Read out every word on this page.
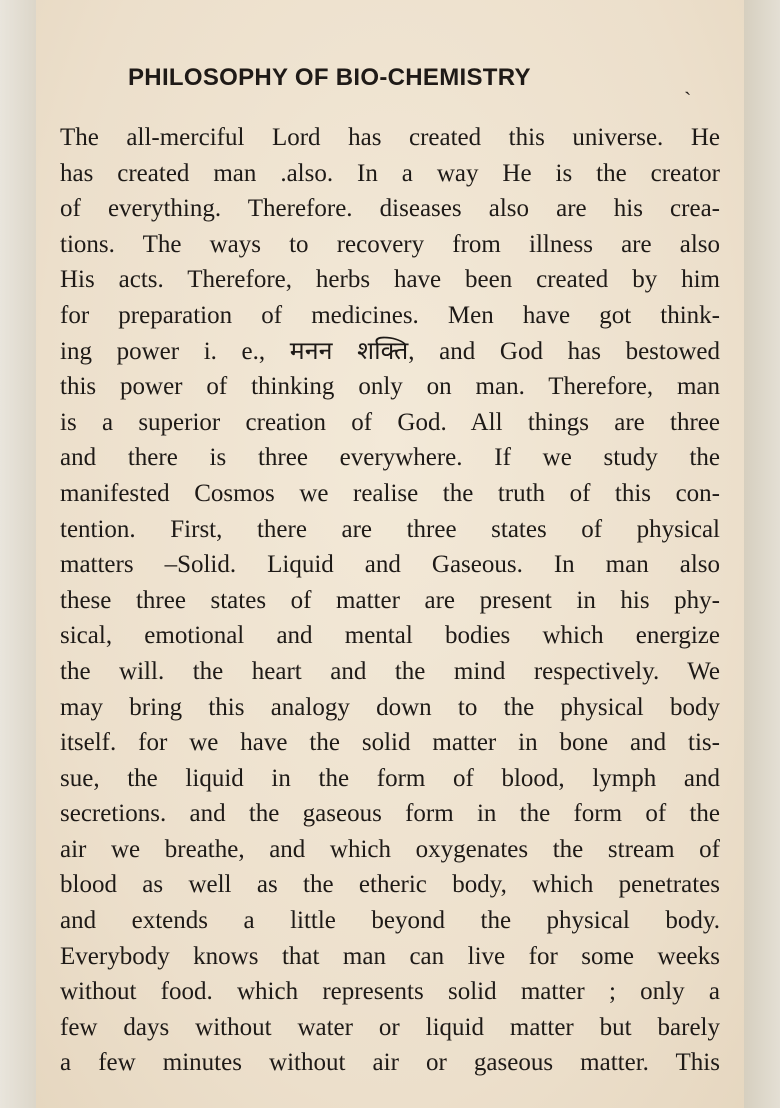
PHILOSOPHY OF BIO-CHEMISTRY	ˎ
The all-merciful Lord has created this universe. He
has created man .also. In a way He is the creator
of everything. Therefore. diseases also are his crea-
tions. The ways to recovery from illness are also
His acts. Therefore, herbs have been created by him
for preparation of medicines. Men have got think-
ing power i. e., मनन शक्ति, and God has bestowed
this power of thinking only on man. Therefore, man
is a superior creation of God. All things are three
and there is three everywhere. If we study the
manifested Cosmos we realise the truth of this con-
tention. First, there are three states of physical
matters –Solid. Liquid and Gaseous. In man also
these three states of matter are present in his phy-
sical, emotional and mental bodies which energize
the will. the heart and the mind respectively. We
may bring this analogy down to the physical body
itself. for we have the solid matter in bone and tis-
sue, the liquid in the form of blood, lymph and
secretions. and the gaseous form in the form of the
air we breathe, and which oxygenates the stream of
blood as well as the etheric body, which penetrates
and extends a little beyond the physical body.
Everybody knows that man can live for some weeks
without food. which represents solid matter ; only a
few days without water or liquid matter but barely
a few minutes without air or gaseous matter. This
